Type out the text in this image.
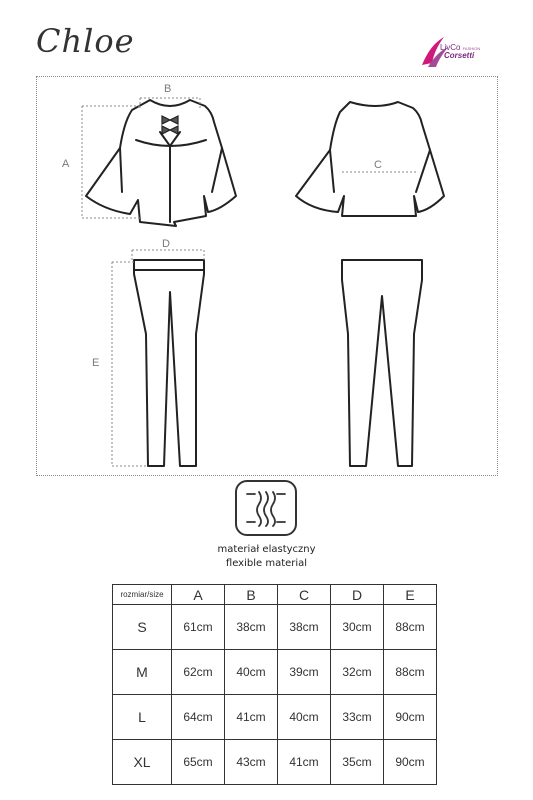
Chloe	LivCo FASHION
Corsetti
B
A	C
D
E
materiał elastyczny
flexible material
rozmiar/size	A	B	C	D	E
S	61cm	38cm	38cm	30cm	88cm
M	62cm	40cm	39cm	32cm	88cm
L	64cm	41cm	40cm	33cm	90cm
XL	65cm	43cm	41cm	35cm	90cm
